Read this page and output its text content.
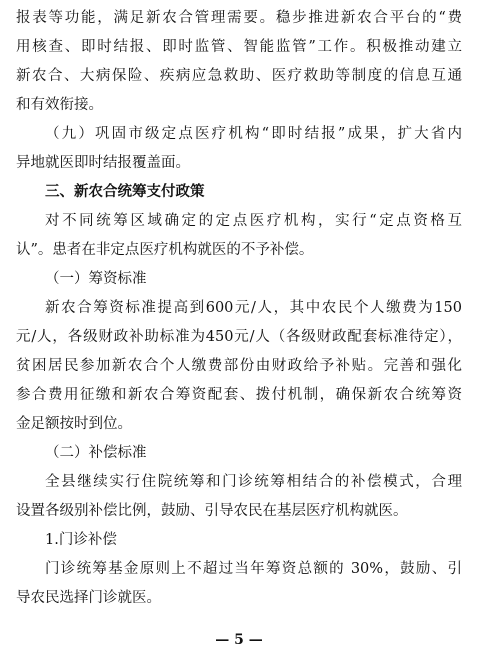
报表等功能，满足新农合管理需要。稳步推进新农合平台的“费
用核查、即时结报、即时监管、智能监管”工作。积极推动建立
新农合、大病保险、疾病应急救助、医疗救助等制度的信息互通
和有效衔接。
（九）巩固市级定点医疗机构“即时结报”成果，扩大省内
异地就医即时结报覆盖面。
三、新农合统筹支付政策
对不同统筹区域确定的定点医疗机构，实行“定点资格互
认”。患者在非定点医疗机构就医的不予补偿。
（一）筹资标准
新农合筹资标准提高到600元/人，其中农民个人缴费为150
元/人，各级财政补助标准为450元/人（各级财政配套标准待定），
贫困居民参加新农合个人缴费部份由财政给予补贴。完善和强化
参合费用征缴和新农合筹资配套、拨付机制，确保新农合统筹资
金足额按时到位。
（二）补偿标准
全县继续实行住院统筹和门诊统筹相结合的补偿模式，合理
设置各级别补偿比例，鼓励、引导农民在基层医疗机构就医。
1.门诊补偿
门诊统筹基金原则上不超过当年筹资总额的 30%，鼓励、引
导农民选择门诊就医。
— 5 —
